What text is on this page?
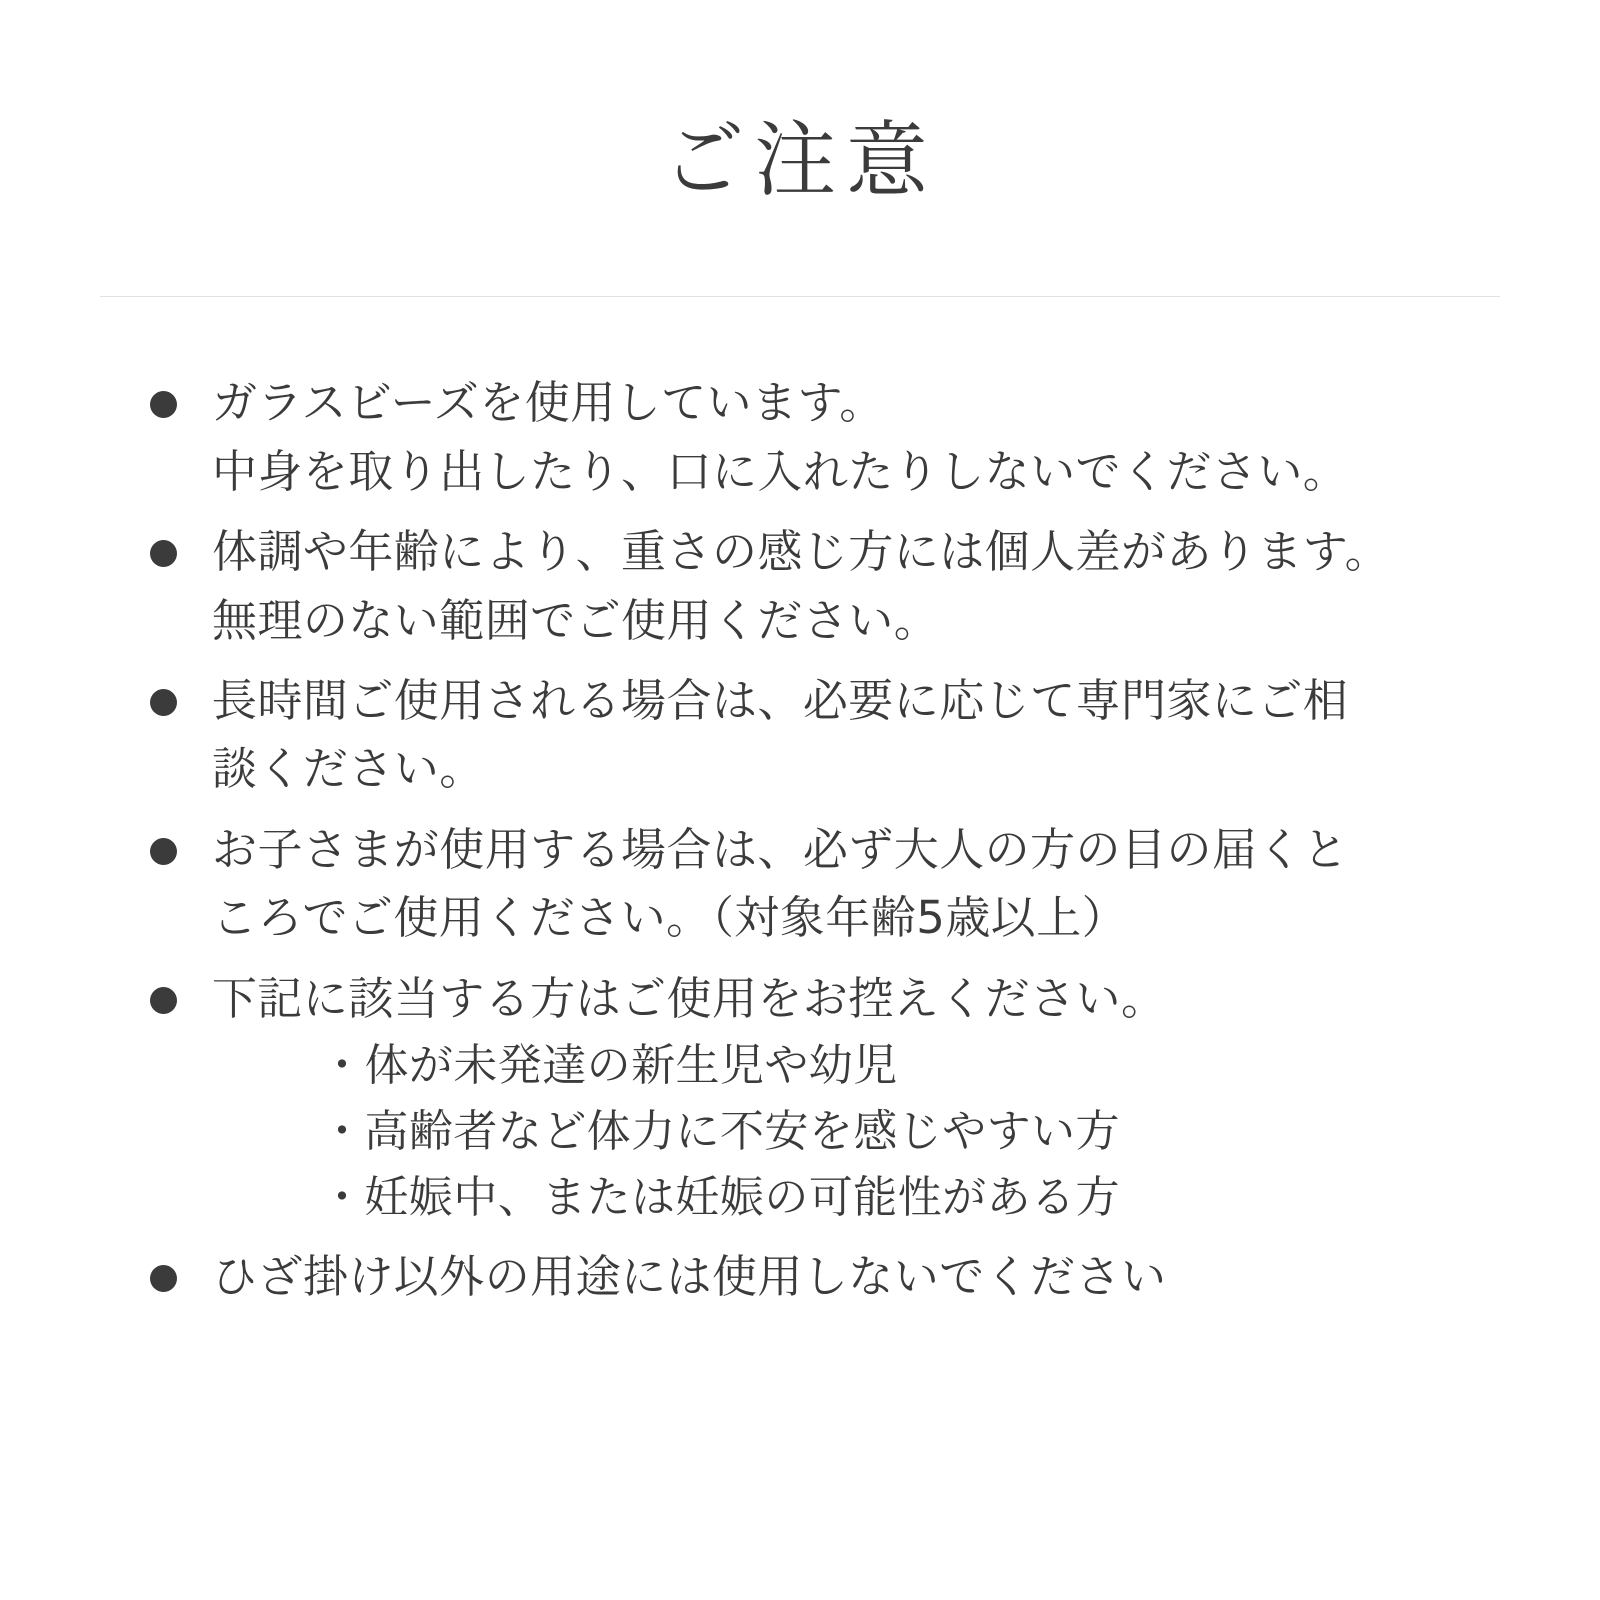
ご注意
ガラスビーズを使用しています。
中身を取り出したり、口に入れたりしないでください。
体調や年齢により、重さの感じ方には個人差があります。
無理のない範囲でご使用ください。
長時間ご使用される場合は、必要に応じて専門家にご相
談ください。
お子さまが使用する場合は、必ず大人の方の目の届くと
ころでご使用ください。（対象年齢5歳以上）
下記に該当する方はご使用をお控えください。
・体が未発達の新生児や幼児
・高齢者など体力に不安を感じやすい方
・妊娠中、または妊娠の可能性がある方
ひざ掛け以外の用途には使用しないでください
